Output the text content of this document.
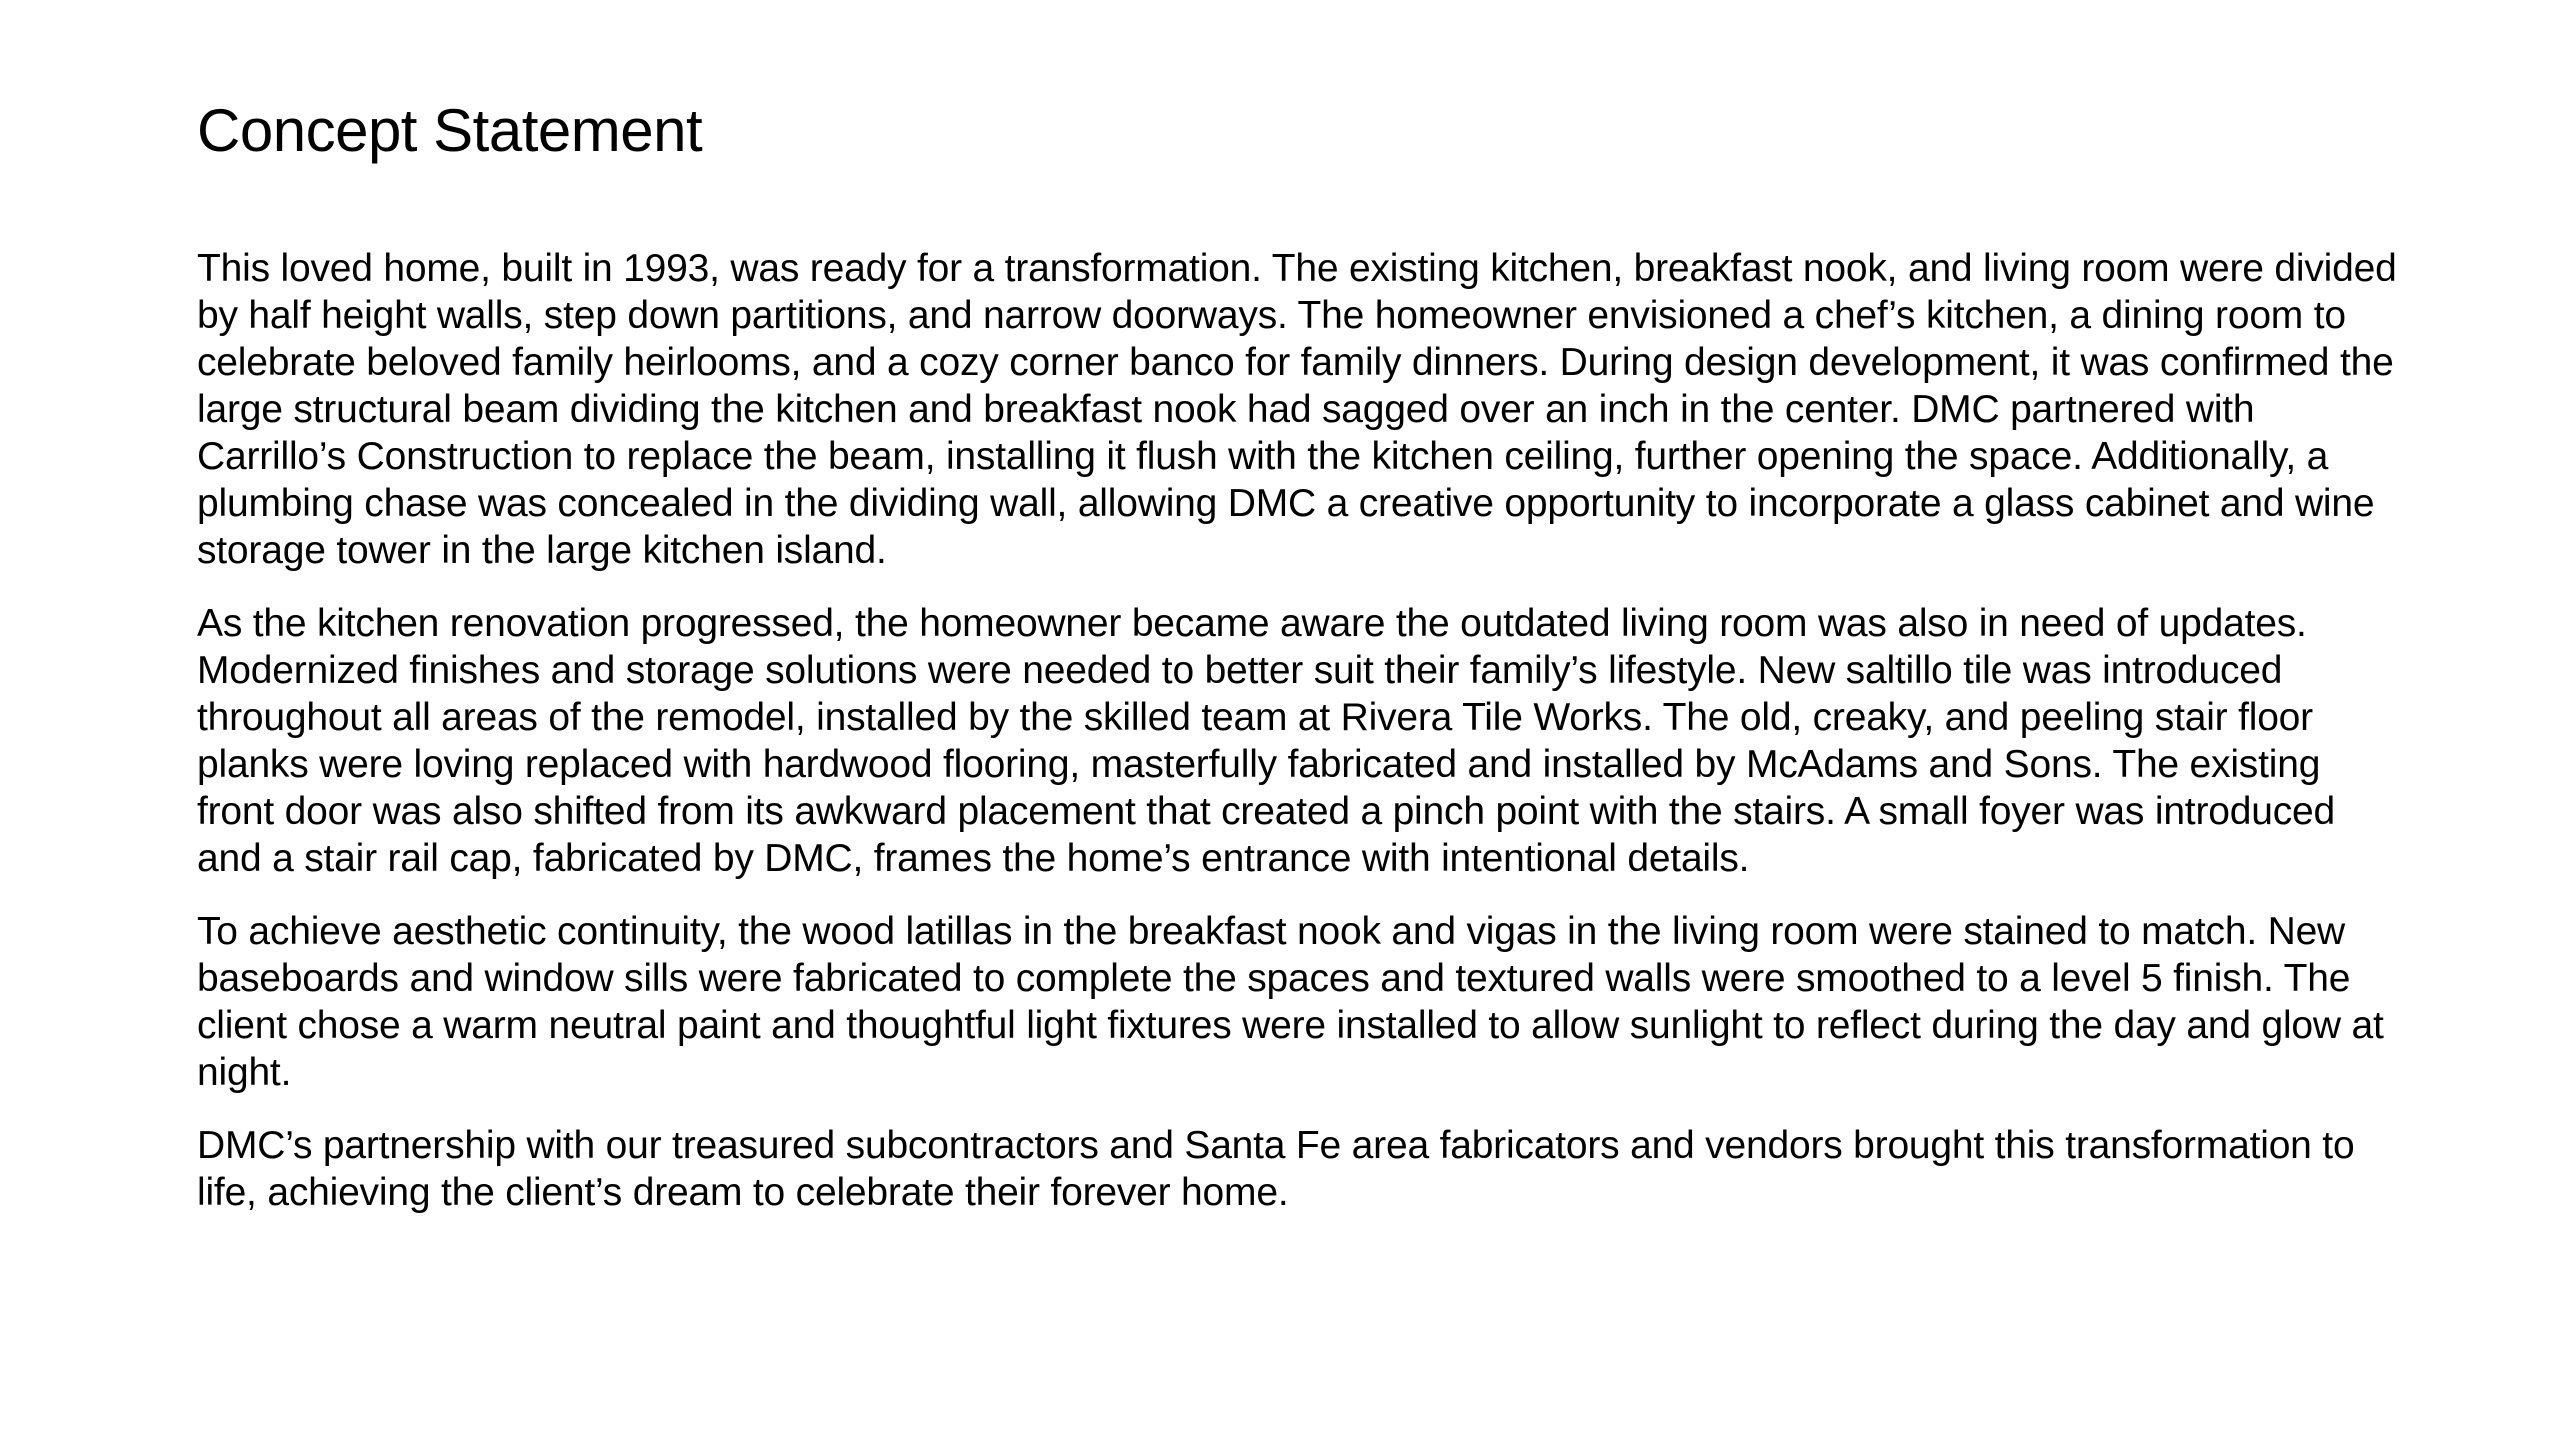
Concept Statement

This loved home, built in 1993, was ready for a transformation. The existing kitchen, breakfast nook, and living room were divided by half height walls, step down partitions, and narrow doorways. The homeowner envisioned a chef’s kitchen, a dining room to celebrate beloved family heirlooms, and a cozy corner banco for family dinners. During design development, it was confirmed the large structural beam dividing the kitchen and breakfast nook had sagged over an inch in the center. DMC partnered with Carrillo’s Construction to replace the beam, installing it flush with the kitchen ceiling, further opening the space. Additionally, a plumbing chase was concealed in the dividing wall, allowing DMC a creative opportunity to incorporate a glass cabinet and wine storage tower in the large kitchen island.

As the kitchen renovation progressed, the homeowner became aware the outdated living room was also in need of updates. Modernized finishes and storage solutions were needed to better suit their family’s lifestyle. New saltillo tile was introduced throughout all areas of the remodel, installed by the skilled team at Rivera Tile Works. The old, creaky, and peeling stair floor planks were loving replaced with hardwood flooring, masterfully fabricated and installed by McAdams and Sons. The existing front door was also shifted from its awkward placement that created a pinch point with the stairs. A small foyer was introduced and a stair rail cap, fabricated by DMC, frames the home’s entrance with intentional details.

To achieve aesthetic continuity, the wood latillas in the breakfast nook and vigas in the living room were stained to match. New baseboards and window sills were fabricated to complete the spaces and textured walls were smoothed to a level 5 finish. The client chose a warm neutral paint and thoughtful light fixtures were installed to allow sunlight to reflect during the day and glow at night.

DMC’s partnership with our treasured subcontractors and Santa Fe area fabricators and vendors brought this transformation to life, achieving the client’s dream to celebrate their forever home.
